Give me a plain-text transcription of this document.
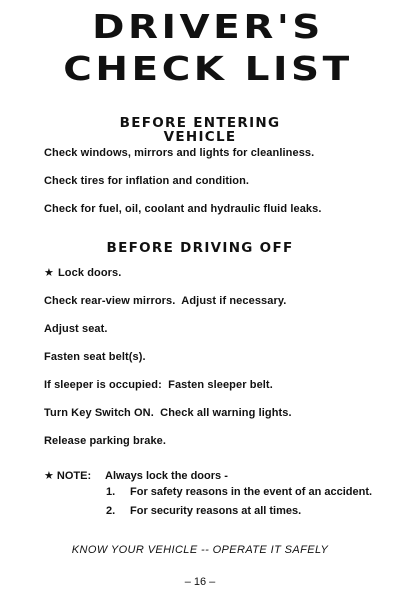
DRIVER'S
CHECK LIST
BEFORE ENTERING VEHICLE
Check windows, mirrors and lights for cleanliness.
Check tires for inflation and condition.
Check for fuel, oil, coolant and hydraulic fluid leaks.
BEFORE DRIVING OFF
★ Lock doors.
Check rear-view mirrors.  Adjust if necessary.
Adjust seat.
Fasten seat belt(s).
If sleeper is occupied:  Fasten sleeper belt.
Turn Key Switch ON.  Check all warning lights.
Release parking brake.
★ NOTE: Always lock the doors -
1. For safety reasons in the event of an accident.
2. For security reasons at all times.
KNOW YOUR VEHICLE -- OPERATE IT SAFELY
– 16 –
